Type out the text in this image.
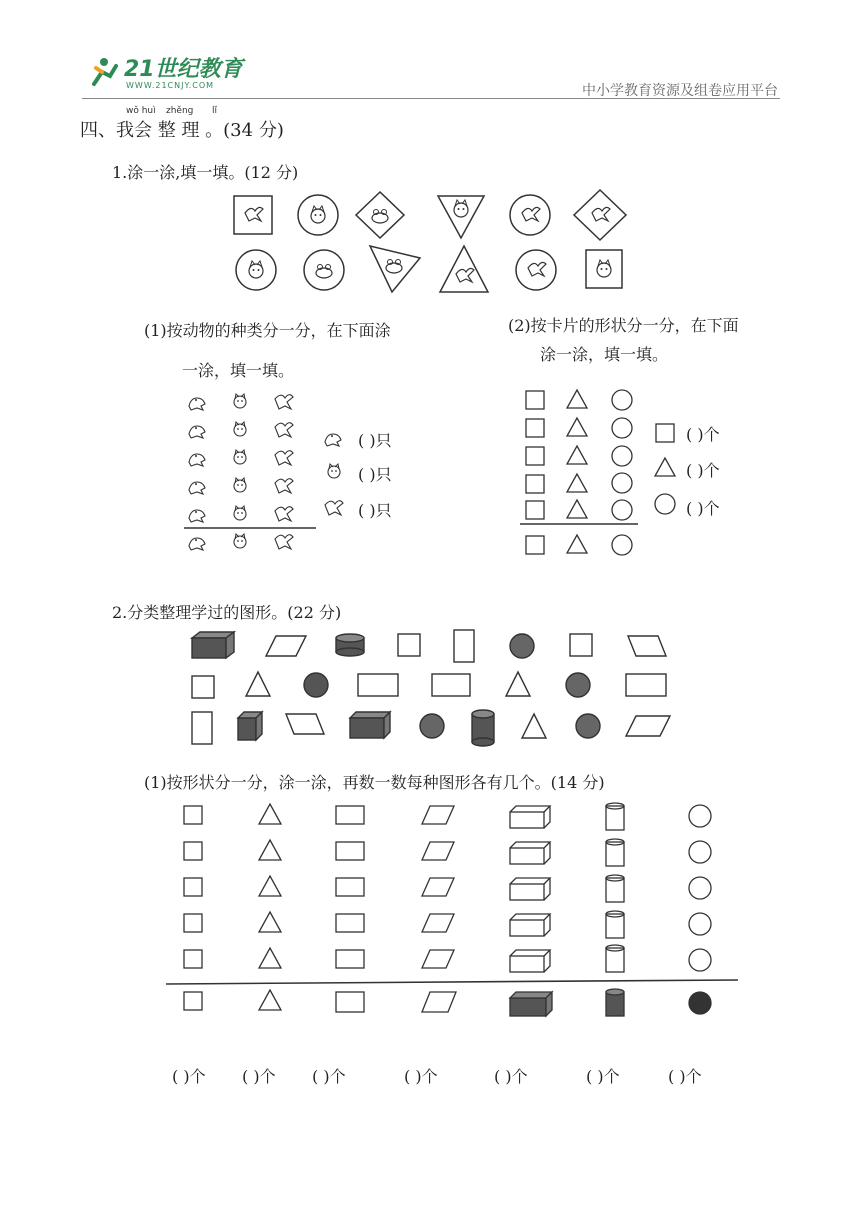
21世纪教育
WWW.21CNJY.COM	中小学教育资源及组卷应用平台
wǒ huì zhěng lǐ
四、我会 整 理 。(34 分)
1.涂一涂,填一填。(12 分)
(1)按动物的种类分一分，在下面涂
一涂，填一填。
(2)按卡片的形状分一分，在下面
涂一涂，填一填。
( )只
( )只
( )只
( )个
( )个
( )个
2.分类整理学过的图形。(22 分)
(1)按形状分一分，涂一涂，再数一数每种图形各有几个。(14 分)
( )个 ( )个 ( )个	( )个	( )个	( )个	( )个
